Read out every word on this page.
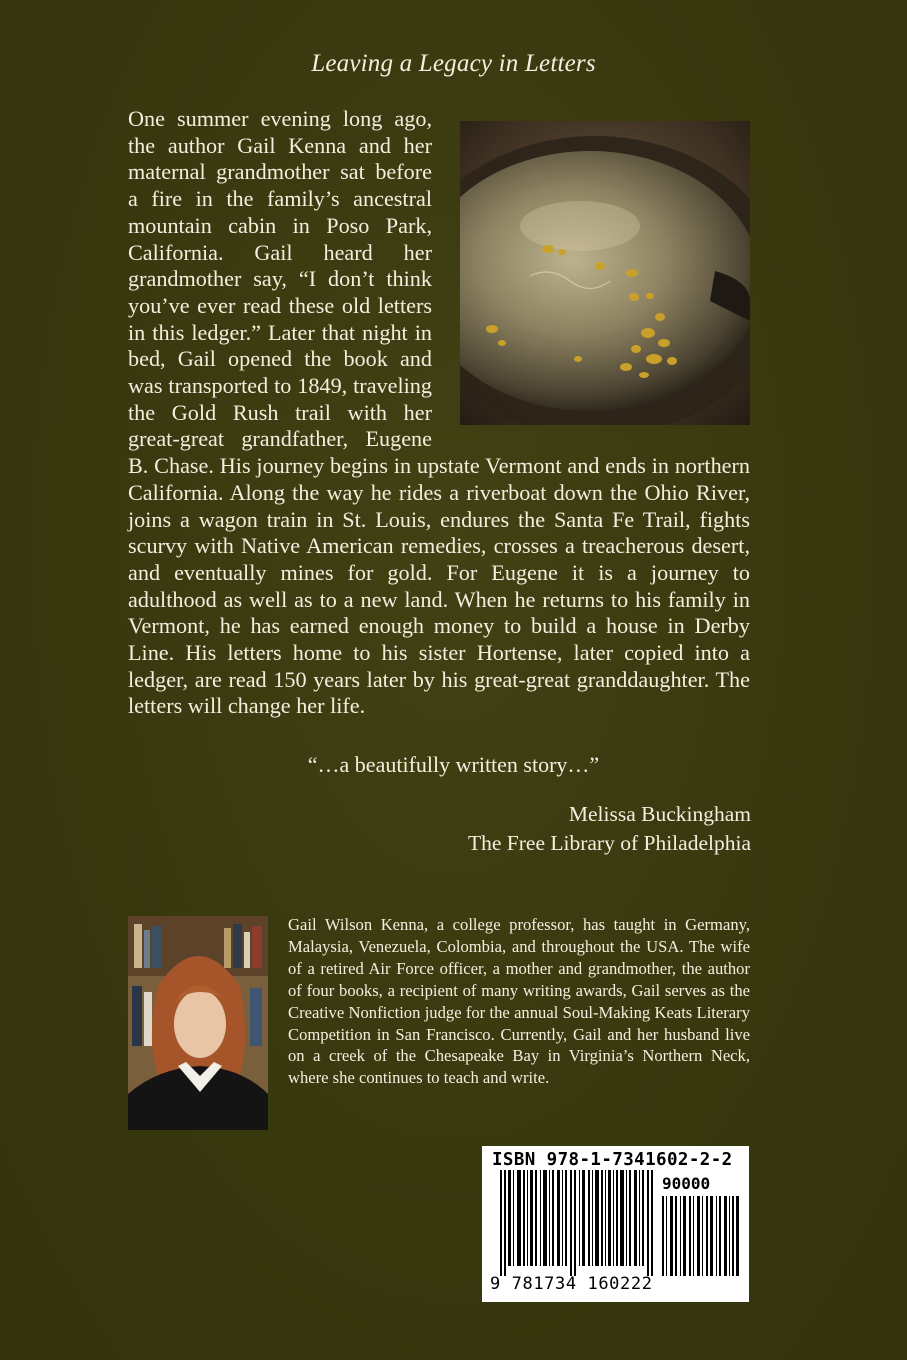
Leaving a Legacy in Letters
One summer evening long ago, the author Gail Kenna and her maternal grandmother sat before a fire in the family’s ancestral mountain cabin in Poso Park, California. Gail heard her grandmother say, “I don’t think you’ve ever read these old letters in this ledger.” Later that night in bed, Gail opened the book and was transported to 1849, traveling the Gold Rush trail with her great-great grandfather, Eugene B. Chase. His journey begins in upstate Vermont and ends in northern California. Along the way he rides a riverboat down the Ohio River, joins a wagon train in St. Louis, endures the Santa Fe Trail, fights scurvy with Native American remedies, crosses a treacherous desert, and eventually mines for gold. For Eugene it is a journey to adulthood as well as to a new land. When he returns to his family in Vermont, he has earned enough money to build a house in Derby Line. His letters home to his sister Hortense, later copied into a ledger, are read 150 years later by his great-great granddaughter. The letters will change her life.
“…a beautifully written story…”
Melissa Buckingham
The Free Library of Philadelphia
Gail Wilson Kenna, a college professor, has taught in Germany, Malaysia, Venezuela, Colombia, and throughout the USA. The wife of a retired Air Force officer, a mother and grandmother, the author of four books, a recipient of many writing awards, Gail serves as the Creative Nonfiction judge for the annual Soul-Making Keats Literary Competition in San Francisco. Currently, Gail and her husband live on a creek of the Chesapeake Bay in Virginia’s Northern Neck, where she continues to teach and write.
ISBN 978-1-7341602-2-2
90000
9 781734 160222
